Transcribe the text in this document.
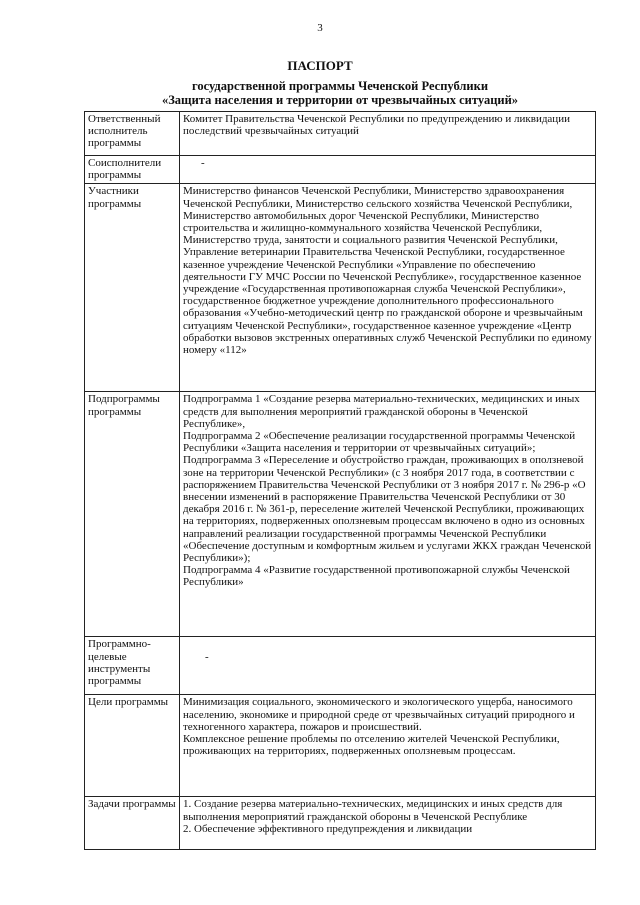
3
ПАСПОРТ
государственной программы Чеченской Республики
«Защита населения и территории от чрезвычайных ситуаций»
Ответственный исполнитель программы	Комитет Правительства Чеченской Республики по предупреждению и ликвидации последствий чрезвычайных ситуаций

Соисполнители программы	-

Участники программы	Министерство финансов Чеченской Республики, Министерство здравоохранения Чеченской Республики, Министерство сельского хозяйства Чеченской Республики, Министерство автомобильных дорог Чеченской Республики, Министерство строительства и жилищно-коммунального хозяйства Чеченской Республики, Министерство труда, занятости и социального развития Чеченской Республики, Управление ветеринарии Правительства Чеченской Республики, государственное казенное учреждение Чеченской Республики «Управление по обеспечению деятельности ГУ МЧС России по Чеченской Республике», государственное казенное учреждение «Государственная противопожарная служба Чеченской Республики», государственное бюджетное учреждение дополнительного профессионального образования «Учебно-методический центр по гражданской обороне и чрезвычайным ситуациям Чеченской Республики», государственное казенное учреждение «Центр обработки вызовов экстренных оперативных служб Чеченской Республики по единому номеру «112»

Подпрограммы программы	Подпрограмма 1 «Создание резерва материально-технических, медицинских и иных средств для выполнения мероприятий гражданской обороны в Чеченской Республике»,
Подпрограмма 2 «Обеспечение реализации государственной программы Чеченской Республики «Защита населения и территории от чрезвычайных ситуаций»;
Подпрограмма 3 «Переселение и обустройство граждан, проживающих в оползневой зоне на территории Чеченской Республики» (с 3 ноября 2017 года, в соответствии с распоряжением Правительства Чеченской Республики от 3 ноября 2017 г. № 296-р «О внесении изменений в распоряжение Правительства Чеченской Республики от 30 декабря 2016 г. № 361-р, переселение жителей Чеченской Республики, проживающих на территориях, подверженных оползневым процессам включено в одно из основных направлений реализации государственной программы Чеченской Республики «Обеспечение доступным и комфортным жильем и услугами ЖКХ граждан Чеченской Республики»);
Подпрограмма 4 «Развитие государственной противопожарной службы Чеченской Республики»

Программно-целевые инструменты программы	-

Цели программы	Минимизация социального, экономического и экологического ущерба, наносимого населению, экономике и природной среде от чрезвычайных ситуаций природного и техногенного характера, пожаров и происшествий.
Комплексное решение проблемы по отселению жителей Чеченской Республики, проживающих на территориях, подверженных оползневым процессам.

Задачи программы	1. Создание резерва материально-технических, медицинских и иных средств для выполнения мероприятий гражданской обороны в Чеченской Республике
2. Обеспечение эффективного предупреждения и ликвидации
